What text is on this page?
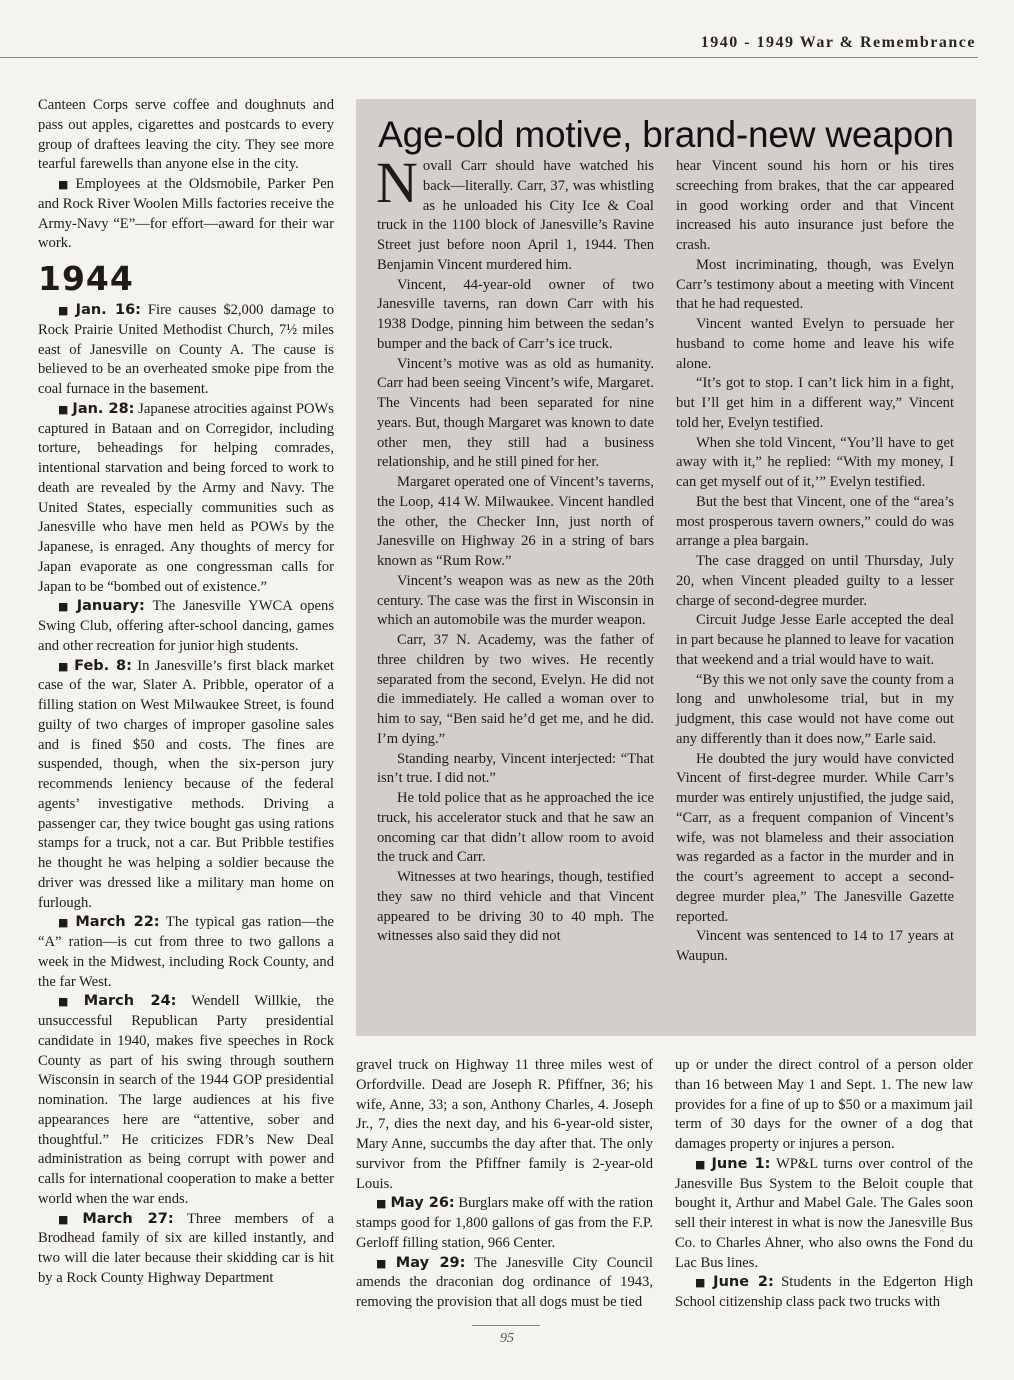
1940 - 1949 War & Remembrance

Canteen Corps serve coffee and doughnuts and pass out apples, cigarettes and postcards to every group of draftees leaving the city. They see more tearful farewells than anyone else in the city.

■ Employees at the Oldsmobile, Parker Pen and Rock River Woolen Mills factories receive the Army-Navy “E”—for effort—award for their war work.

1944

■ Jan. 16: Fire causes $2,000 damage to Rock Prairie United Methodist Church, 7½ miles east of Janesville on County A. The cause is believed to be an overheated smoke pipe from the coal furnace in the basement.

■ Jan. 28: Japanese atrocities against POWs captured in Bataan and on Corregidor, including torture, beheadings for helping comrades, intentional starvation and being forced to work to death are revealed by the Army and Navy. The United States, especially communities such as Janesville who have men held as POWs by the Japanese, is enraged. Any thoughts of mercy for Japan evaporate as one congressman calls for Japan to be “bombed out of existence.”

■ January: The Janesville YWCA opens Swing Club, offering after-school dancing, games and other recreation for junior high students.

■ Feb. 8: In Janesville’s first black market case of the war, Slater A. Pribble, operator of a filling station on West Milwaukee Street, is found guilty of two charges of improper gasoline sales and is fined $50 and costs. The fines are suspended, though, when the six-person jury recommends leniency because of the federal agents’ investigative methods. Driving a passenger car, they twice bought gas using rations stamps for a truck, not a car. But Pribble testifies he thought he was helping a soldier because the driver was dressed like a military man home on furlough.

■ March 22: The typical gas ration—the “A” ration—is cut from three to two gallons a week in the Midwest, including Rock County, and the far West.

■ March 24: Wendell Willkie, the unsuccessful Republican Party presidential candidate in 1940, makes five speeches in Rock County as part of his swing through southern Wisconsin in search of the 1944 GOP presidential nomination. The large audiences at his five appearances here are “attentive, sober and thoughtful.” He criticizes FDR’s New Deal administration as being corrupt with power and calls for international cooperation to make a better world when the war ends.

■ March 27: Three members of a Brodhead family of six are killed instantly, and two will die later because their skidding car is hit by a Rock County Highway Department

Age-old motive, brand-new weapon

Novall Carr should have watched his back—literally. Carr, 37, was whistling as he unloaded his City Ice & Coal truck in the 1100 block of Janesville’s Ravine Street just before noon April 1, 1944. Then Benjamin Vincent murdered him.

Vincent, 44-year-old owner of two Janesville taverns, ran down Carr with his 1938 Dodge, pinning him between the sedan’s bumper and the back of Carr’s ice truck.

Vincent’s motive was as old as humanity. Carr had been seeing Vincent’s wife, Margaret. The Vincents had been separated for nine years. But, though Margaret was known to date other men, they still had a business relationship, and he still pined for her.

Margaret operated one of Vincent’s taverns, the Loop, 414 W. Milwaukee. Vincent handled the other, the Checker Inn, just north of Janesville on Highway 26 in a string of bars known as “Rum Row.”

Vincent’s weapon was as new as the 20th century. The case was the first in Wisconsin in which an automobile was the murder weapon.

Carr, 37 N. Academy, was the father of three children by two wives. He recently separated from the second, Evelyn. He did not die immediately. He called a woman over to him to say, “Ben said he’d get me, and he did. I’m dying.”

Standing nearby, Vincent interjected: “That isn’t true. I did not.”

He told police that as he approached the ice truck, his accelerator stuck and that he saw an oncoming car that didn’t allow room to avoid the truck and Carr.

Witnesses at two hearings, though, testified they saw no third vehicle and that Vincent appeared to be driving 30 to 40 mph. The witnesses also said they did not

hear Vincent sound his horn or his tires screeching from brakes, that the car appeared in good working order and that Vincent increased his auto insurance just before the crash.

Most incriminating, though, was Evelyn Carr’s testimony about a meeting with Vincent that he had requested.

Vincent wanted Evelyn to persuade her husband to come home and leave his wife alone.

“It’s got to stop. I can’t lick him in a fight, but I’ll get him in a different way,” Vincent told her, Evelyn testified.

When she told Vincent, “You’ll have to get away with it,” he replied: “With my money, I can get myself out of it,’” Evelyn testified.

But the best that Vincent, one of the “area’s most prosperous tavern owners,” could do was arrange a plea bargain.

The case dragged on until Thursday, July 20, when Vincent pleaded guilty to a lesser charge of second-degree murder.

Circuit Judge Jesse Earle accepted the deal in part because he planned to leave for vacation that weekend and a trial would have to wait.

“By this we not only save the county from a long and unwholesome trial, but in my judgment, this case would not have come out any differently than it does now,” Earle said.

He doubted the jury would have convicted Vincent of first-degree murder. While Carr’s murder was entirely unjustified, the judge said, “Carr, as a frequent companion of Vincent’s wife, was not blameless and their association was regarded as a factor in the murder and in the court’s agreement to accept a second-degree murder plea,” The Janesville Gazette reported.

Vincent was sentenced to 14 to 17 years at Waupun.

gravel truck on Highway 11 three miles west of Orfordville. Dead are Joseph R. Pfiffner, 36; his wife, Anne, 33; a son, Anthony Charles, 4. Joseph Jr., 7, dies the next day, and his 6-year-old sister, Mary Anne, succumbs the day after that. The only survivor from the Pfiffner family is 2-year-old Louis.

■ May 26: Burglars make off with the ration stamps good for 1,800 gallons of gas from the F.P. Gerloff filling station, 966 Center.

■ May 29: The Janesville City Council amends the draconian dog ordinance of 1943, removing the provision that all dogs must be tied

up or under the direct control of a person older than 16 between May 1 and Sept. 1. The new law provides for a fine of up to $50 or a maximum jail term of 30 days for the owner of a dog that damages property or injures a person.

■ June 1: WP&L turns over control of the Janesville Bus System to the Beloit couple that bought it, Arthur and Mabel Gale. The Gales soon sell their interest in what is now the Janesville Bus Co. to Charles Ahner, who also owns the Fond du Lac Bus lines.

■ June 2: Students in the Edgerton High School citizenship class pack two trucks with

95
